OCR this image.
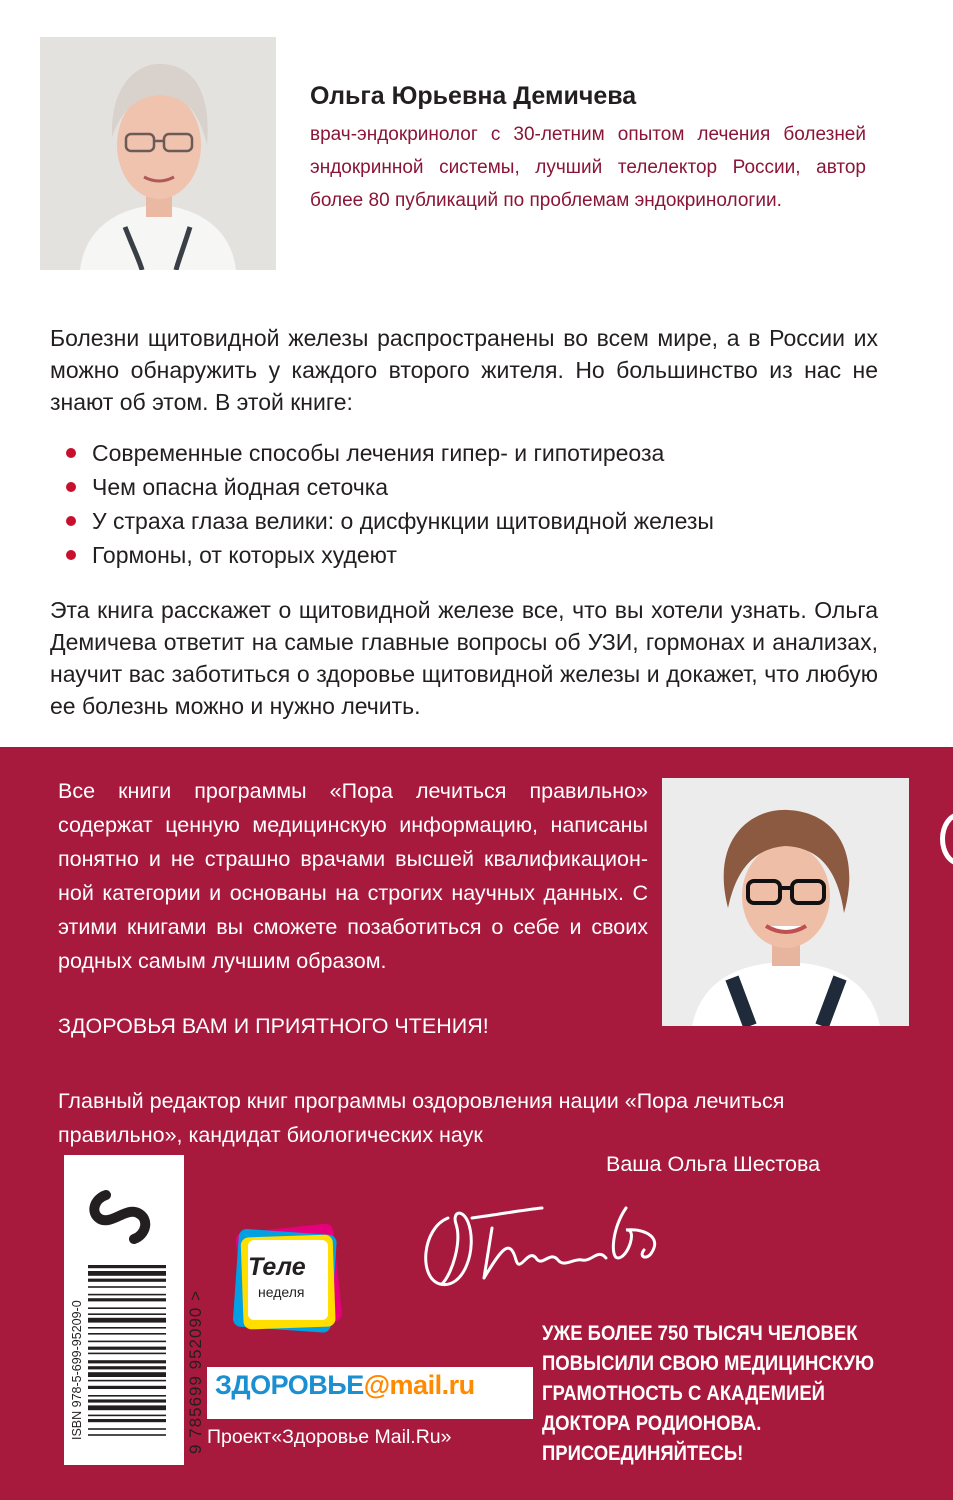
Ольга Юрьевна Демичева
врач-эндокринолог с 30-летним опытом лечения болезней эндокринной системы, лучший телелектор России, автор более 80 публикаций по проблемам эндокринологии.
Болезни щитовидной железы распространены во всем мире, а в России их можно обнаружить у каждого второго жителя. Но большинство из нас не знают об этом. В этой книге:
Современные способы лечения гипер- и гипотиреоза
Чем опасна йодная сеточка
У страха глаза велики: о дисфункции щитовидной железы
Гормоны, от которых худеют
Эта книга расскажет о щитовидной железе все, что вы хотели узнать. Ольга Демичева ответит на самые главные вопросы об УЗИ, гормонах и анализах, научит вас заботиться о здоровье щитовидной железы и докажет, что любую ее болезнь можно и нужно лечить.
Все книги программы «Пора лечиться правильно» содержат ценную медицинскую информацию, написаны понятно и не страшно врачами высшей квалификацион-ной категории и основаны на строгих научных данных. С этими книгами вы сможете позаботиться о себе и своих родных самым лучшим образом.
ЗДОРОВЬЯ ВАМ И ПРИЯТНОГО ЧТЕНИЯ!
Главный редактор книг программы оздоровления нации «Пора лечиться правильно», кандидат биологических наук
Ваша Ольга Шестова
ISBN 978-5-699-95209-0	9 785699 952090 >
Теле
неделя
ЗДОРОВЬЕ@mail.ru
Проект«Здоровье Mail.Ru»
УЖЕ БОЛЕЕ 750 ТЫСЯЧ ЧЕЛОВЕК
ПОВЫСИЛИ СВОЮ МЕДИЦИНСКУЮ
ГРАМОТНОСТЬ С АКАДЕМИЕЙ
ДОКТОРА РОДИОНОВА.
ПРИСОЕДИНЯЙТЕСЬ!
